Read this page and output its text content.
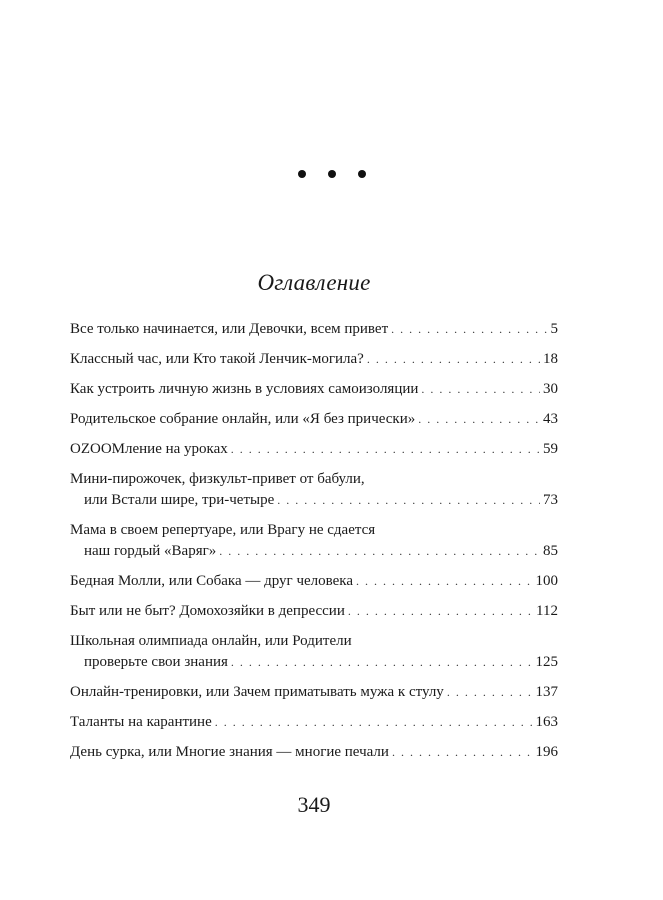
Оглавление
Все только начинается, или Девочки, всем привет . . .	5
Классный час, или Кто такой Ленчик-могила? . . .	18
Как устроить личную жизнь в условиях самоизоляции . . .	30
Родительское собрание онлайн, или «Я без прически» . . .	43
OZOOМление на уроках . . .	59
Мини-пирожочек, физкульт-привет от бабули,
или Встали шире, три-четыре . . .	73
Мама в своем репертуаре, или Врагу не сдается
наш гордый «Варяг» . . .	85
Бедная Молли, или Собака — друг человека . . .	100
Быт или не быт? Домохозяйки в депрессии . . .	112
Школьная олимпиада онлайн, или Родители
проверьте свои знания . . .	125
Онлайн-тренировки, или Зачем приматывать мужа к стулу . . .	137
Таланты на карантине . . .	163
День сурка, или Многие знания — многие печали . . .	196
349
